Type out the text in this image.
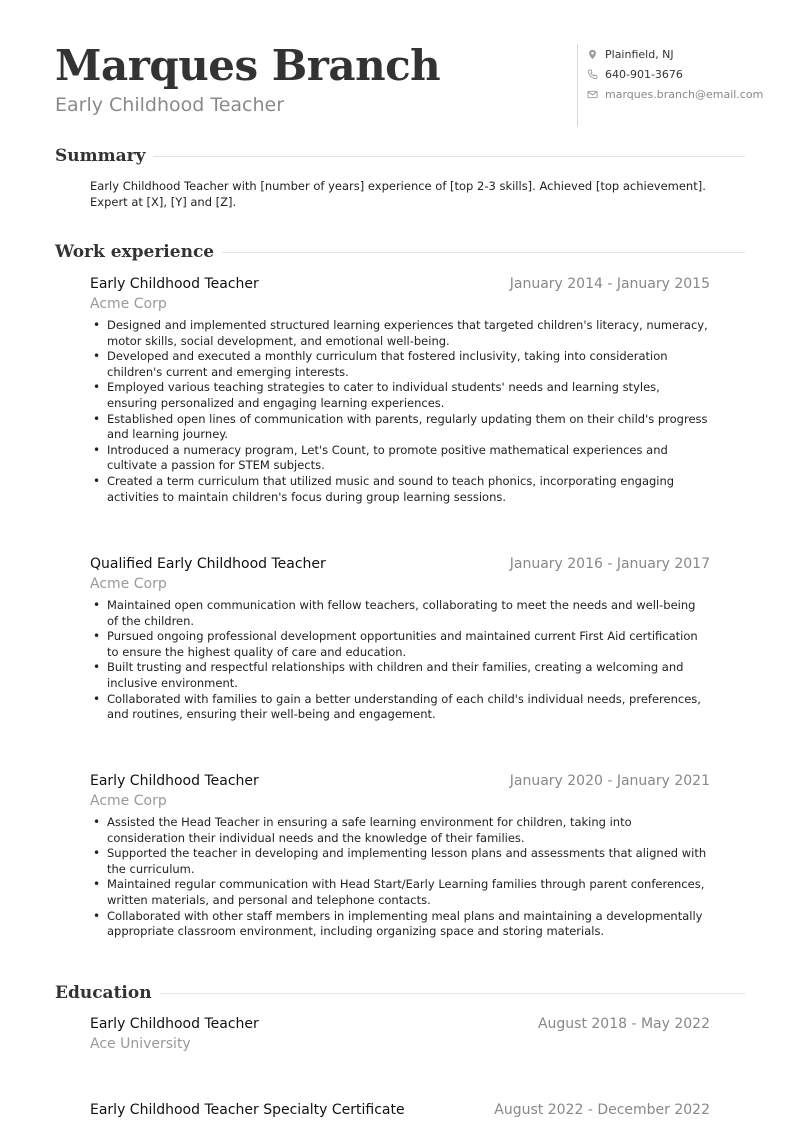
Marques Branch
Early Childhood Teacher
Plainfield, NJ
640-901-3676
marques.branch@email.com
Summary
Early Childhood Teacher with [number of years] experience of [top 2-3 skills]. Achieved [top achievement]. Expert at [X], [Y] and [Z].
Work experience
Early Childhood Teacher	January 2014 - January 2015
Acme Corp
• Designed and implemented structured learning experiences that targeted children's literacy, numeracy, motor skills, social development, and emotional well-being.
• Developed and executed a monthly curriculum that fostered inclusivity, taking into consideration children's current and emerging interests.
• Employed various teaching strategies to cater to individual students' needs and learning styles, ensuring personalized and engaging learning experiences.
• Established open lines of communication with parents, regularly updating them on their child's progress and learning journey.
• Introduced a numeracy program, Let's Count, to promote positive mathematical experiences and cultivate a passion for STEM subjects.
• Created a term curriculum that utilized music and sound to teach phonics, incorporating engaging activities to maintain children's focus during group learning sessions.
Qualified Early Childhood Teacher	January 2016 - January 2017
Acme Corp
• Maintained open communication with fellow teachers, collaborating to meet the needs and well-being of the children.
• Pursued ongoing professional development opportunities and maintained current First Aid certification to ensure the highest quality of care and education.
• Built trusting and respectful relationships with children and their families, creating a welcoming and inclusive environment.
• Collaborated with families to gain a better understanding of each child's individual needs, preferences, and routines, ensuring their well-being and engagement.
Early Childhood Teacher	January 2020 - January 2021
Acme Corp
• Assisted the Head Teacher in ensuring a safe learning environment for children, taking into consideration their individual needs and the knowledge of their families.
• Supported the teacher in developing and implementing lesson plans and assessments that aligned with the curriculum.
• Maintained regular communication with Head Start/Early Learning families through parent conferences, written materials, and personal and telephone contacts.
• Collaborated with other staff members in implementing meal plans and maintaining a developmentally appropriate classroom environment, including organizing space and storing materials.
Education
Early Childhood Teacher	August 2018 - May 2022
Ace University
Early Childhood Teacher Specialty Certificate	August 2022 - December 2022
